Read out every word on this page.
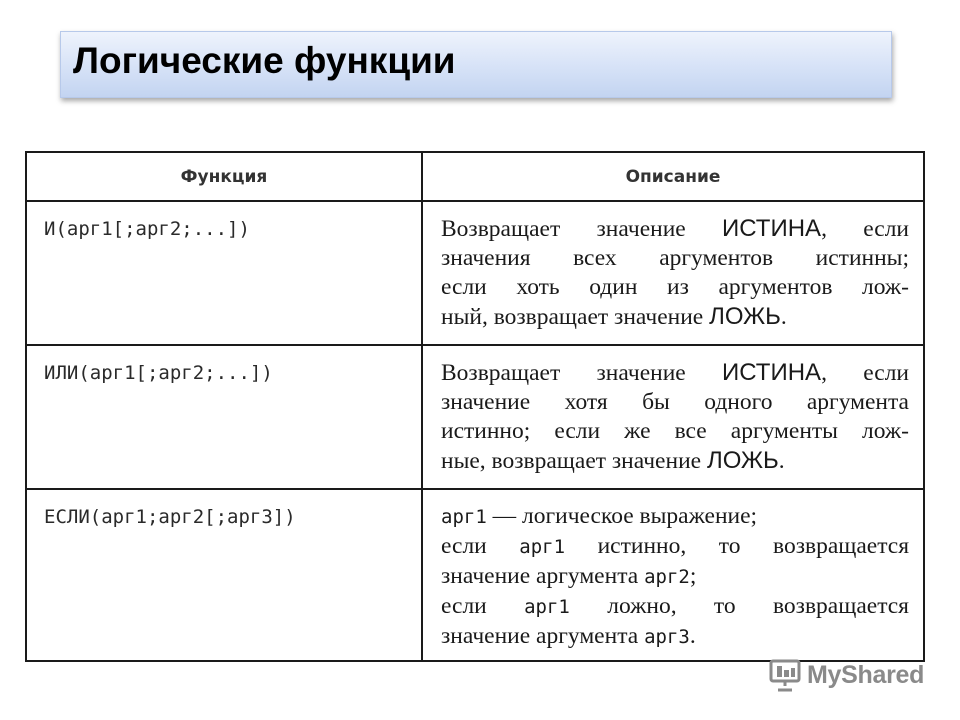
Логические функции
Функция	Описание

И(арг1[;арг2;...])	Возвращает значение ИСТИНА, если
значения всех аргументов истинны;
если хоть один из аргументов лож-
ный, возвращает значение ЛОЖЬ.

ИЛИ(арг1[;арг2;...])	Возвращает значение ИСТИНА, если
значение хотя бы одного аргумента
истинно; если же все аргументы лож-
ные, возвращает значение ЛОЖЬ.

ЕСЛИ(арг1;арг2[;арг3])	арг1 — логическое выражение;
если арг1 истинно, то возвращается
значение аргумента арг2;
если арг1 ложно, то возвращается
значение аргумента арг3.
MyShared
